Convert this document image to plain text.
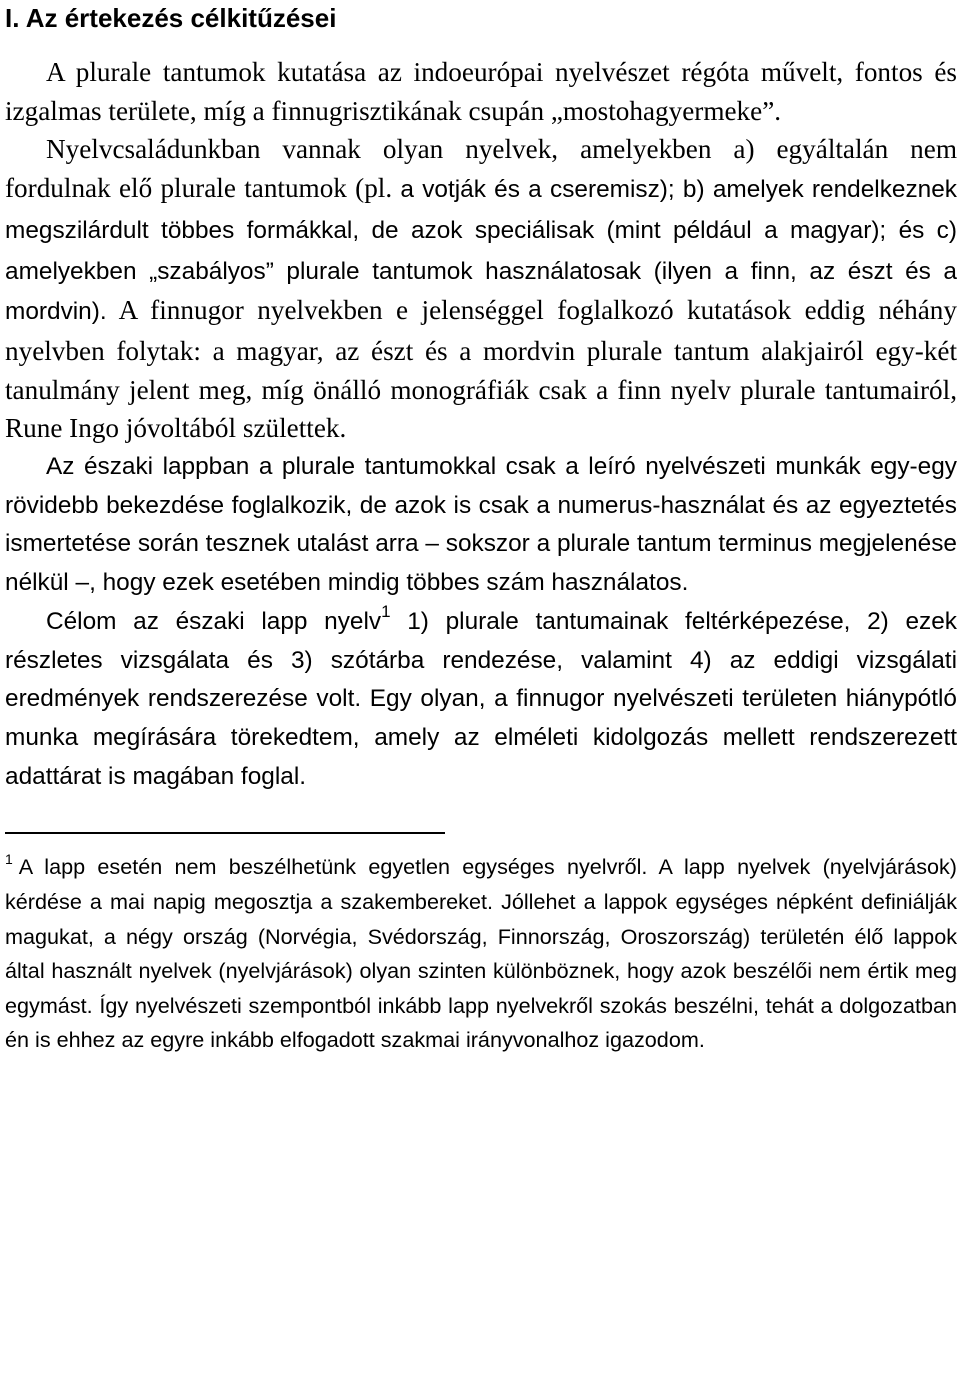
I. Az értekezés célkitűzései

A plurale tantumok kutatása az indoeurópai nyelvészet régóta művelt, fontos és izgalmas területe, míg a finnugrisztikának csupán „mostohagyermeke”.

Nyelvcsaládunkban vannak olyan nyelvek, amelyekben a) egyáltalán nem fordulnak elő plurale tantumok (pl. a votják és a cseremisz); b) amelyek rendelkeznek megszilárdult többes formákkal, de azok speciálisak (mint például a magyar); és c) amelyekben „szabályos” plurale tantumok használatosak (ilyen a finn, az észt és a mordvin). A finnugor nyelvekben e jelenséggel foglalkozó kutatások eddig néhány nyelvben folytak: a magyar, az észt és a mordvin plurale tantum alakjairól egy-két tanulmány jelent meg, míg önálló monográfiák csak a finn nyelv plurale tantumairól, Rune Ingo jóvoltából születtek.

Az északi lappban a plurale tantumokkal csak a leíró nyelvészeti munkák egy-egy rövidebb bekezdése foglalkozik, de azok is csak a numerus-használat és az egyeztetés ismertetése során tesznek utalást arra – sokszor a plurale tantum terminus megjelenése nélkül –, hogy ezek esetében mindig többes szám használatos.

Célom az északi lapp nyelv$^1$ 1) plurale tantumainak feltérképezése, 2) ezek részletes vizsgálata és 3) szótárba rendezése, valamint 4) az eddigi vizsgálati eredmények rendszerezése volt. Egy olyan, a finnugor nyelvészeti területen hiánypótló munka megírására törekedtem, amely az elméleti kidolgozás mellett rendszerezett adattárat is magában foglal.

$^1$ A lapp esetén nem beszélhetünk egyetlen egységes nyelvről. A lapp nyelvek (nyelvjárások) kérdése a mai napig megosztja a szakembereket. Jóllehet a lappok egységes népként definiálják magukat, a négy ország (Norvégia, Svédország, Finnország, Oroszország) területén élő lappok által használt nyelvek (nyelvjárások) olyan szinten különböznek, hogy azok beszélői nem értik meg egymást. Így nyelvészeti szempontból inkább lapp nyelvekről szokás beszélni, tehát a dolgozatban én is ehhez az egyre inkább elfogadott szakmai irányvonalhoz igazodom.
